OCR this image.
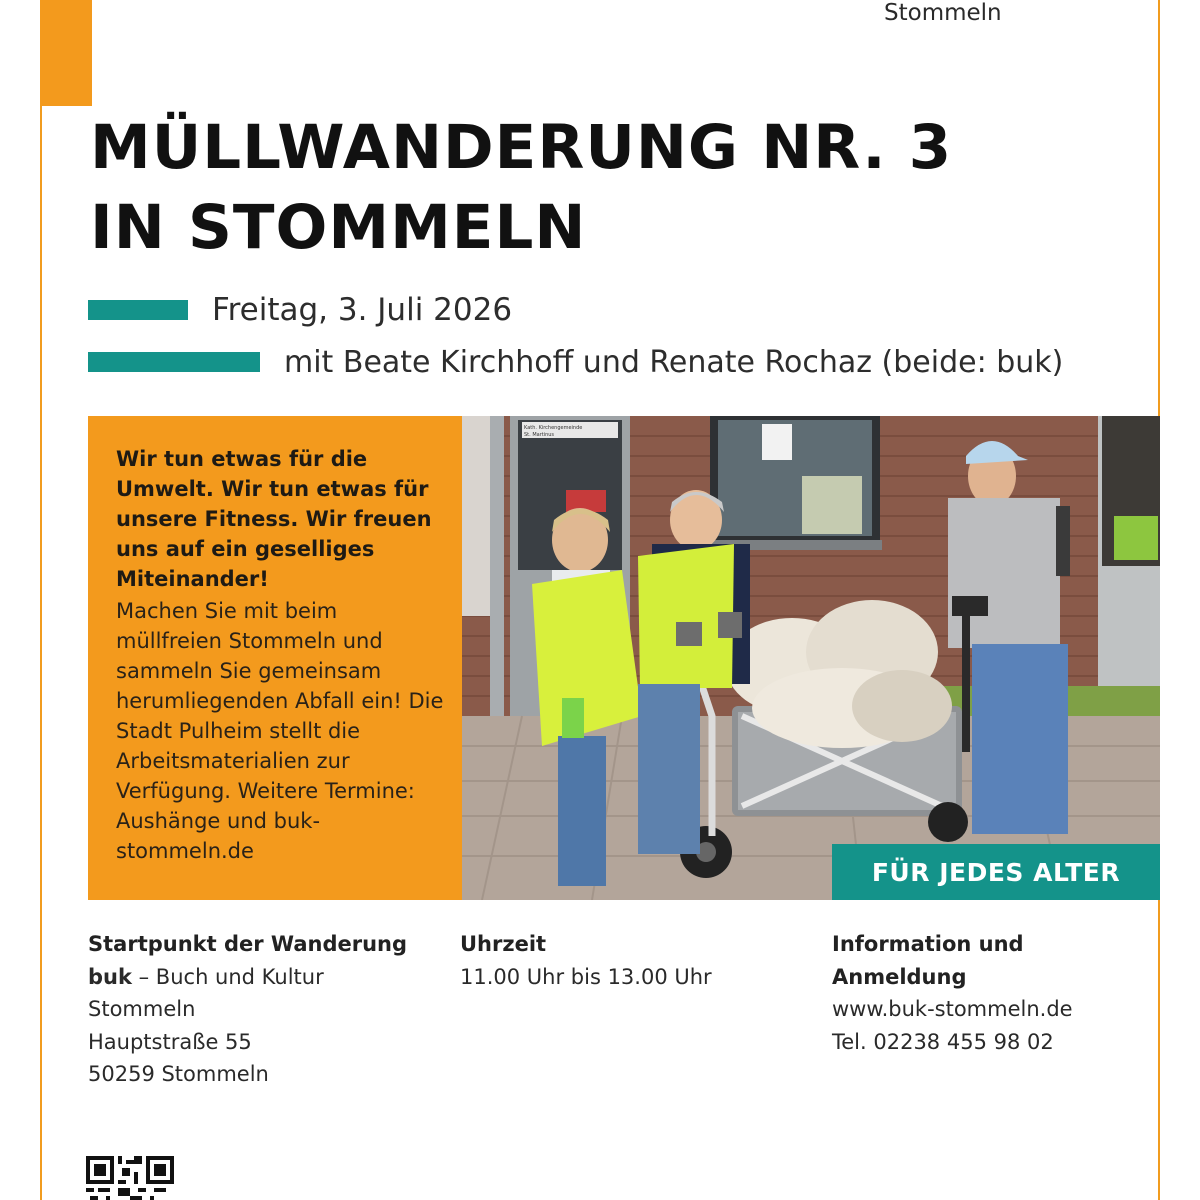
Stommeln
MÜLLWANDERUNG NR. 3
IN STOMMELN
Freitag, 3. Juli 2026
mit Beate Kirchhoff und Renate Rochaz (beide: buk)

Wir tun etwas für die Umwelt. Wir tun etwas für unsere Fitness. Wir freuen uns auf ein geselliges Miteinander!

Machen Sie mit beim müllfreien Stommeln und sammeln Sie gemeinsam herumliegenden Abfall ein! Die Stadt Pulheim stellt die Arbeitsmaterialien zur Verfügung. Weitere Termine: Aushänge und buk-stommeln.de

Kath. Kirchengemeinde
St. Martinus
FÜR JEDES ALTER
Startpunkt der Wanderung
buk – Buch und Kultur
Stommeln
Hauptstraße 55
50259 Stommeln
Uhrzeit
11.00 Uhr bis 13.00 Uhr
Information und
Anmeldung
www.buk-stommeln.de
Tel. 02238 455 98 02
